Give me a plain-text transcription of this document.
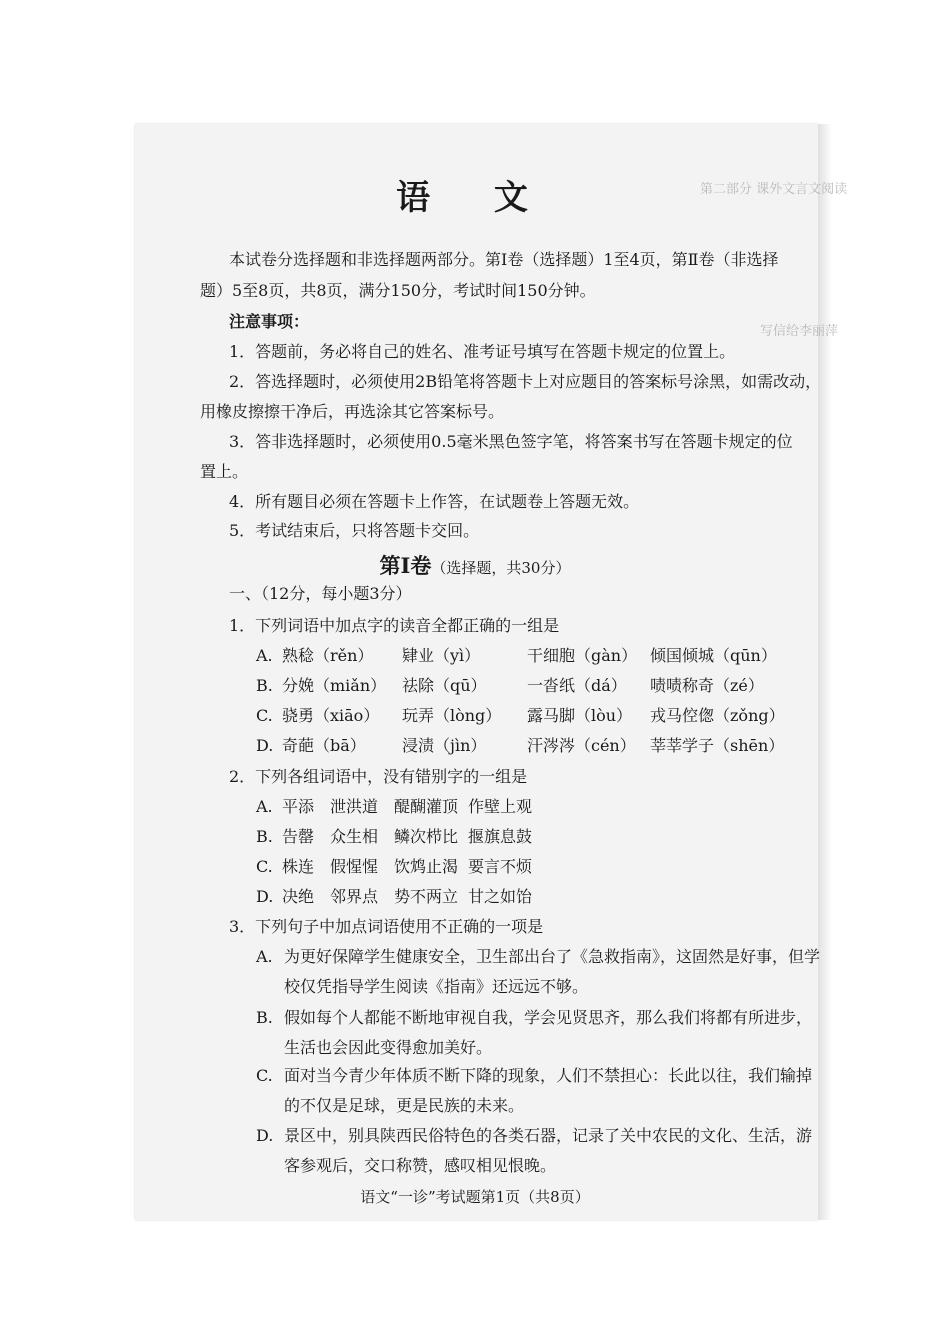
第二部分 课外文言文阅读
写信给李丽萍
语 文
本试卷分选择题和非选择题两部分。第Ⅰ卷（选择题）1至4页，第Ⅱ卷（非选择
题）5至8页，共8页，满分150分，考试时间150分钟。
注意事项：
1．答题前，务必将自己的姓名、准考证号填写在答题卡规定的位置上。
2．答选择题时，必须使用2B铅笔将答题卡上对应题目的答案标号涂黑，如需改动，
用橡皮擦擦干净后，再选涂其它答案标号。
3．答非选择题时，必须使用0.5毫米黑色签字笔，将答案书写在答题卡规定的位
置上。
4．所有题目必须在答题卡上作答，在试题卷上答题无效。
5．考试结束后，只将答题卡交回。
第Ⅰ卷（选择题，共30分）
一、（12分，每小题3分）
1．下列词语中加点字的读音全都正确的一组是
A. 熟稔（rěn） 肄业（yì）	干细胞（gàn） 倾国倾城（qūn）
B. 分娩（miǎn） 祛除（qū）	一沓纸（dá） 啧啧称奇（zé）
C. 骁勇（xiāo） 玩弄（lòng） 露马脚（lòu） 戎马倥偬（zǒng）
D. 奇葩（bā） 浸渍（jìn）	汗涔涔（cén） 莘莘学子（shēn）
2．下列各组词语中，没有错别字的一组是
A. 平添 泄洪道 醍醐灌顶 作壁上观
B. 告罄 众生相 鳞次栉比 揠旗息鼓
C. 株连 假惺惺 饮鸩止渴 要言不烦
D. 决绝 邻界点 势不两立 甘之如饴
3．下列句子中加点词语使用不正确的一项是
A. 为更好保障学生健康安全，卫生部出台了《急救指南》，这固然是好事，但学
校仅凭指导学生阅读《指南》还远远不够。
B. 假如每个人都能不断地审视自我，学会见贤思齐，那么我们将都有所进步，
生活也会因此变得愈加美好。
C. 面对当今青少年体质不断下降的现象，人们不禁担心：长此以往，我们输掉
的不仅是足球，更是民族的未来。
D. 景区中，别具陕西民俗特色的各类石器，记录了关中农民的文化、生活，游
客参观后，交口称赞，感叹相见恨晚。
语文“一诊”考试题第1页（共8页）
